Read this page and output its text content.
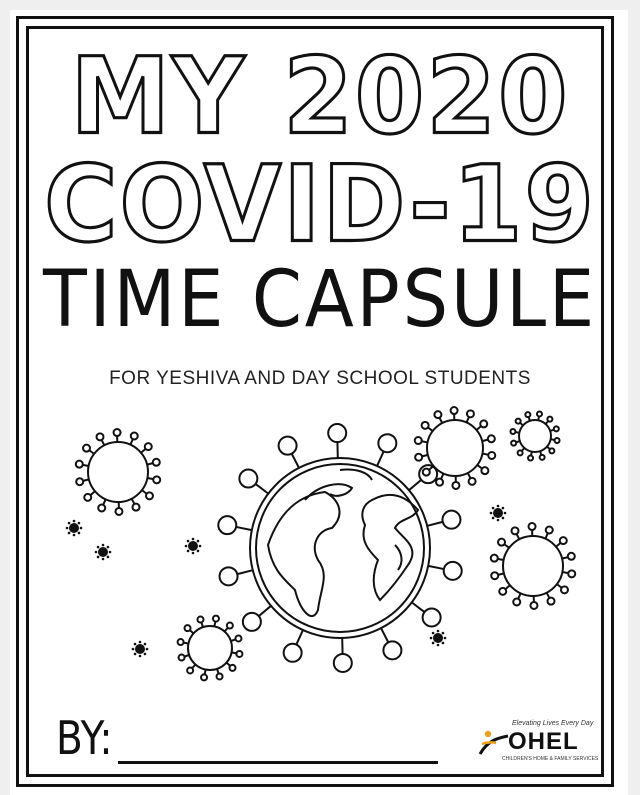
MY 2020
COVID-19
TIME CAPSULE
FOR YESHIVA AND DAY SCHOOL STUDENTS
BY:	Elevating Lives Every Day
OHEL
CHILDREN'S HOME & FAMILY SERVICES
